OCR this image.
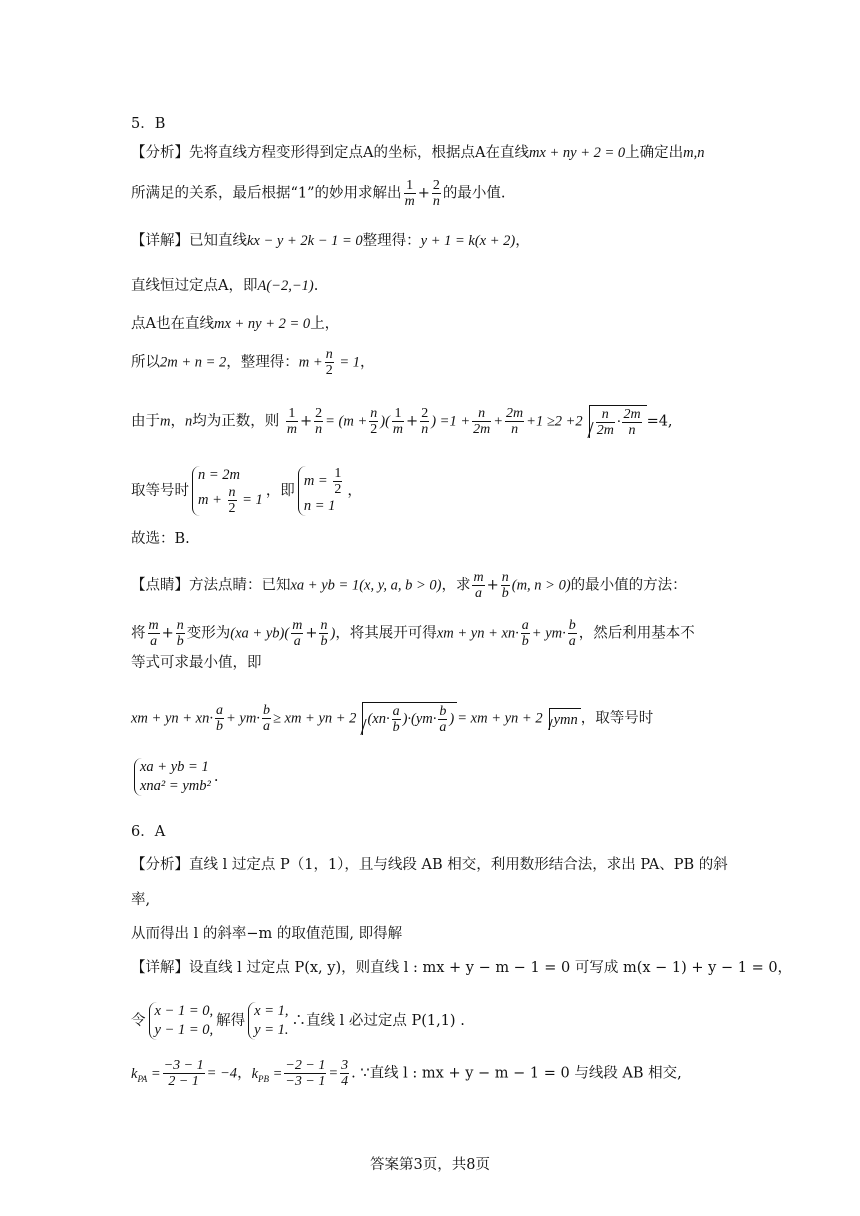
5．B
【分析】先将直线方程变形得到定点A的坐标，根据点A在直线mx + ny + 2 = 0上确定出m,n
所满足的关系，最后根据“1”的妙用求解出 $\frac{1}{m} + \frac{2}{n}$ 的最小值.
【详解】已知直线kx − y + 2k − 1 = 0整理得：y + 1 = k(x + 2)，
直线恒过定点A，即A(−2,−1).
点A也在直线mx + ny + 2 = 0上，
所以2m + n = 2，整理得：$m + \frac{n}{2} = 1$，
由于m，n均为正数，则 $\frac{1}{m} + \frac{2}{n} = (m + \frac{n}{2}$ )( $\frac{1}{m} + \frac{2}{n}$ ) $=1 + \frac{n}{2m} + \frac{2m}{n} +1 \ge 2 +2 \frac{n}{2m} \cdot \frac{2m}{n} =4$,
取等号时
n = 2m
$m + \frac{n}{2} = 1$
，即
$m = \frac{1}{2}$
n = 1
，
故选：B.
【点睛】方法点睛：已知xa + yb = 1(x, y, a, b > 0)，求 $\frac{m}{a} + \frac{n}{b} (m$, n > 0)的最小值的方法：
将 $\frac{m}{a} + \frac{n}{b}$ 变形为$(xa + yb)( \frac{m}{a} + \frac{n}{b}$ )，将其展开可得xm + yn + $xn\cdot \frac{a}{b} + ym\cdot \frac{b}{a}$ ，然后利用基本不
等式可求最小值，即
xm + yn + $xn\cdot \frac{a}{b} + ym\cdot \frac{b}{a}$ ≥ xm + yn + 2 $(xn\cdot \frac{a}{b} )\cdot(ym\cdot \frac{b}{a}$ ) = xm + yn + 2 ymn ，取等号时
xa + yb = 1
xna² = ymb²
.
6．A
【分析】直线 l 过定点 P（1，1），且与线段 AB 相交，利用数形结合法，求出 PA、PB 的斜
率,
从而得出 l 的斜率−m 的取值范围, 即得解
【详解】设直线 l 过定点 P(x, y)，则直线 l : mx + y − m − 1 = 0 可写成 m(x − 1) + y − 1 = 0，
令
x − 1 = 0,
y − 1 = 0,
解得
x = 1,
y = 1.
∴直线 l 必过定点 P(1,1) .
$k_{PA} = \frac{-3 - 1}{2 - 1} = -4$，$k_{PB} = \frac{-2 - 1}{-3 - 1} = \frac{3}{4}$ . ∵直线 l : mx + y − m − 1 = 0 与线段 AB 相交,
答案第3页，共8页
